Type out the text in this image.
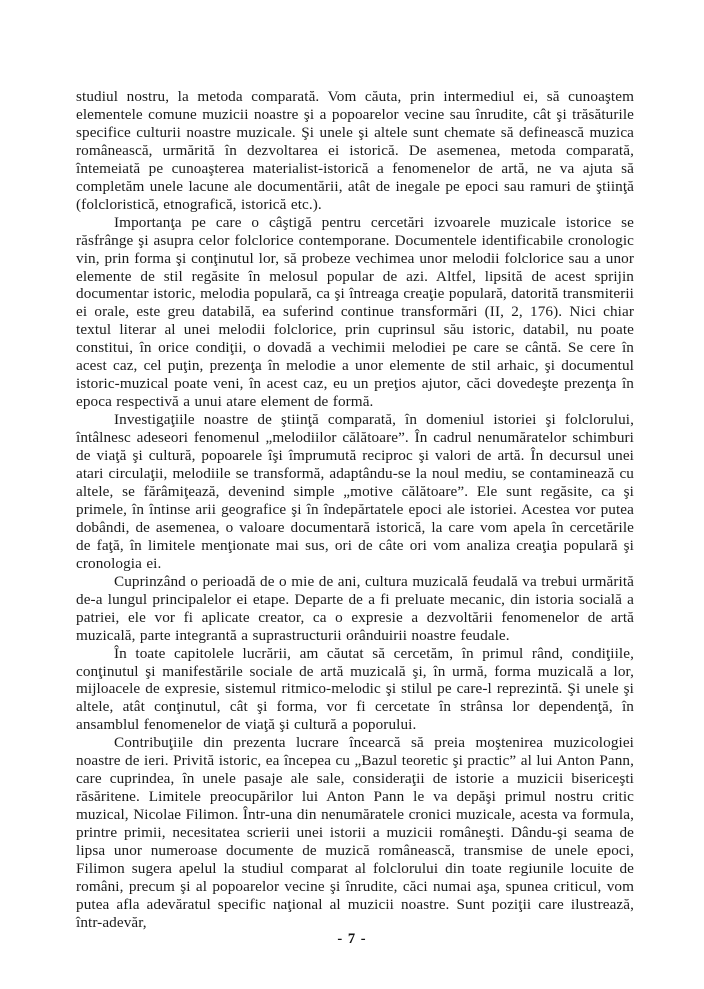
studiul nostru, la metoda comparată. Vom căuta, prin intermediul ei, să cunoaştem elementele comune muzicii noastre şi a popoarelor vecine sau înrudite, cât şi trăsăturile specifice culturii noastre muzicale. Şi unele şi altele sunt chemate să definească muzica românească, urmărită în dezvoltarea ei istorică. De asemenea, metoda comparată, întemeiată pe cunoaşterea materialist-istorică a fenomenelor de artă, ne va ajuta să completăm unele lacune ale documentării, atât de inegale pe epoci sau ramuri de ştiinţă (folcloristică, etnografică, istorică etc.).

Importanţa pe care o câştigă pentru cercetări izvoarele muzicale istorice se răsfrânge şi asupra celor folclorice contemporane. Documentele identificabile cronologic vin, prin forma şi conţinutul lor, să probeze vechimea unor melodii folclorice sau a unor elemente de stil regăsite în melosul popular de azi. Altfel, lipsită de acest sprijin documentar istoric, melodia populară, ca şi întreaga creaţie populară, datorită transmiterii ei orale, este greu databilă, ea suferind continue transformări (II, 2, 176). Nici chiar textul literar al unei melodii folclorice, prin cuprinsul său istoric, databil, nu poate constitui, în orice condiţii, o dovadă a vechimii melodiei pe care se cântă. Se cere în acest caz, cel puţin, prezenţa în melodie a unor elemente de stil arhaic, şi documentul istoric-muzical poate veni, în acest caz, eu un preţios ajutor, căci dovedeşte prezenţa în epoca respectivă a unui atare element de formă.

Investigaţiile noastre de ştiinţă comparată, în domeniul istoriei şi folclorului, întâlnesc adeseori fenomenul „melodiilor călătoare”. În cadrul nenumăratelor schimburi de viaţă şi cultură, popoarele îşi împrumută reciproc şi valori de artă. În decursul unei atari circulaţii, melodiile se transformă, adaptându-se la noul mediu, se contaminează cu altele, se fărâmiţează, devenind simple „motive călătoare”. Ele sunt regăsite, ca şi primele, în întinse arii geografice şi în îndepărtatele epoci ale istoriei. Acestea vor putea dobândi, de asemenea, o valoare documentară istorică, la care vom apela în cercetările de faţă, în limitele menţionate mai sus, ori de câte ori vom analiza creaţia populară şi cronologia ei.

Cuprinzând o perioadă de o mie de ani, cultura muzicală feudală va trebui urmărită de-a lungul principalelor ei etape. Departe de a fi preluate mecanic, din istoria socială a patriei, ele vor fi aplicate creator, ca o expresie a dezvoltării fenomenelor de artă muzicală, parte integrantă a suprastructurii orânduirii noastre feudale.

În toate capitolele lucrării, am căutat să cercetăm, în primul rând, condiţiile, conţinutul şi manifestările sociale de artă muzicală şi, în urmă, forma muzicală a lor, mijloacele de expresie, sistemul ritmico-melodic şi stilul pe care-l reprezintă. Şi unele şi altele, atât conţinutul, cât şi forma, vor fi cercetate în strânsa lor dependenţă, în ansamblul fenomenelor de viaţă şi cultură a poporului.

Contribuţiile din prezenta lucrare încearcă să preia moştenirea muzicologiei noastre de ieri. Privită istoric, ea începea cu „Bazul teoretic şi practic” al lui Anton Pann, care cuprindea, în unele pasaje ale sale, consideraţii de istorie a muzicii bisericeşti răsăritene. Limitele preocupărilor lui Anton Pann le va depăşi primul nostru critic muzical, Nicolae Filimon. Într-una din nenumăratele cronici muzicale, acesta va formula, printre primii, necesitatea scrierii unei istorii a muzicii româneşti. Dându-şi seama de lipsa unor numeroase documente de muzică românească, transmise de unele epoci, Filimon sugera apelul la studiul comparat al folclorului din toate regiunile locuite de români, precum şi al popoarelor vecine şi înrudite, căci numai aşa, spunea criticul, vom putea afla adevăratul specific naţional al muzicii noastre. Sunt poziţii care ilustrează, într-adevăr,

- 7 -
